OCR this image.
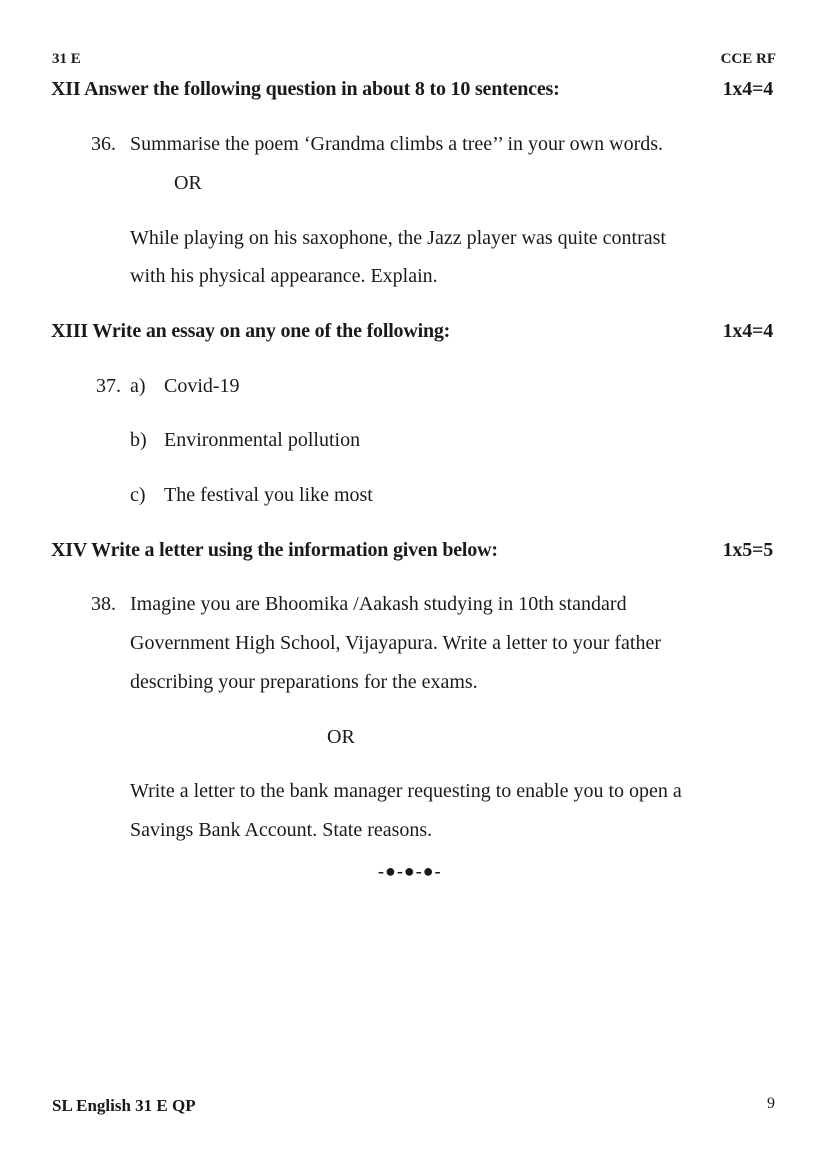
31 E	CCE RF
XII Answer the following question in about 8 to 10 sentences:	1x4=4
36. Summarise the poem ‘Grandma climbs a tree’’ in your own words.
OR
While playing on his saxophone, the Jazz player was quite contrast
with his physical appearance. Explain.
XIII Write an essay on any one of the following:	1x4=4
37. a) Covid-19
b) Environmental pollution
c) The festival you like most
XIV Write a letter using the information given below:	1x5=5
38. Imagine you are Bhoomika /Aakash studying in 10th standard
Government High School, Vijayapura. Write a letter to your father
describing your preparations for the exams.
OR
Write a letter to the bank manager requesting to enable you to open a
Savings Bank Account. State reasons.
-●-●-●-
SL English 31 E QP	9
